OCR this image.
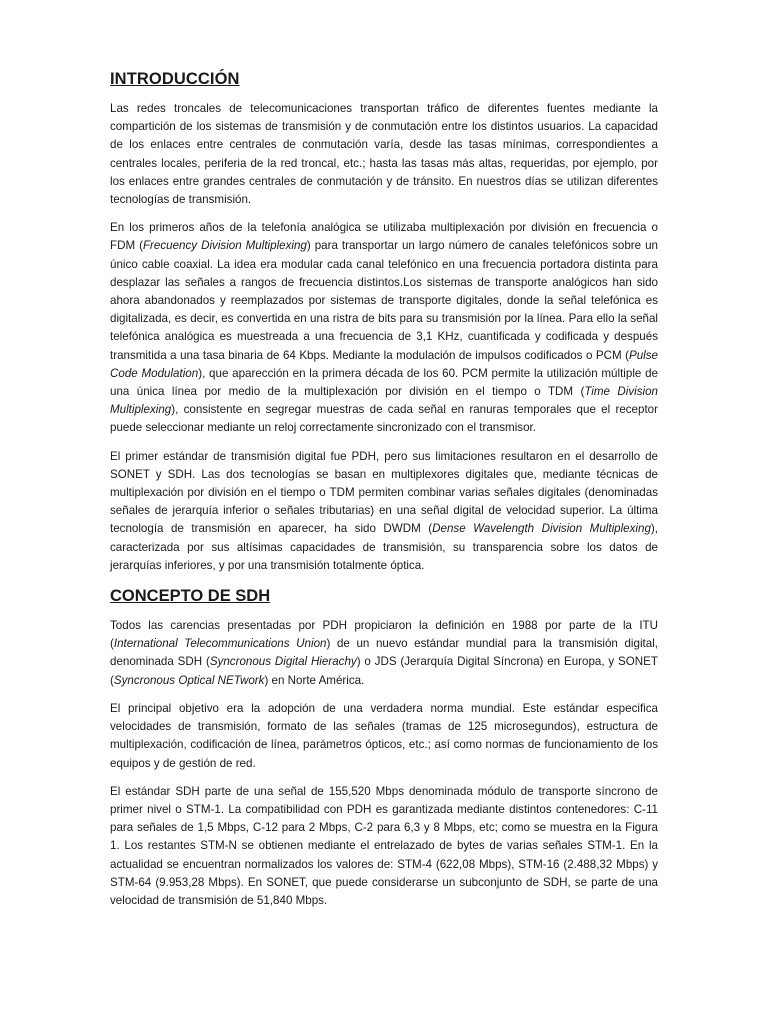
INTRODUCCIÓN

Las redes troncales de telecomunicaciones transportan tráfico de diferentes fuentes mediante la compartición de los sistemas de transmisión y de conmutación entre los distintos usuarios. La capacidad de los enlaces entre centrales de conmutación varía, desde las tasas mínimas, correspondientes a centrales locales, periferia de la red troncal, etc.; hasta las tasas más altas, requeridas, por ejemplo, por los enlaces entre grandes centrales de conmutación y de tránsito. En nuestros días se utilizan diferentes tecnologías de transmisión.

En los primeros años de la telefonía analógica se utilizaba multiplexación por división en frecuencia o FDM (Frecuency Division Multiplexing) para transportar un largo número de canales telefónicos sobre un único cable coaxial. La idea era modular cada canal telefónico en una frecuencia portadora distinta para desplazar las señales a rangos de frecuencia distintos.Los sistemas de transporte analógicos han sido ahora abandonados y reemplazados por sistemas de transporte digitales, donde la señal telefónica es digitalizada, es decir, es convertida en una ristra de bits para su transmisión por la línea. Para ello la señal telefónica analógica es muestreada a una frecuencia de 3,1 KHz, cuantificada y codificada y después transmitida a una tasa binaria de 64 Kbps. Mediante la modulación de impulsos codificados o PCM (Pulse Code Modulation), que aparección en la primera década de los 60. PCM permite la utilización múltiple de una única línea por medio de la multiplexación por división en el tiempo o TDM (Time Division Multiplexing), consistente en segregar muestras de cada señal en ranuras temporales que el receptor puede seleccionar mediante un reloj correctamente sincronizado con el transmisor.

El primer estándar de transmisión digital fue PDH, pero sus limitaciones resultaron en el desarrollo de SONET y SDH. Las dos tecnologías se basan en multiplexores digitales que, mediante técnicas de multiplexación por división en el tiempo o TDM permiten combinar varias señales digitales (denominadas señales de jerarquía inferior o señales tributarias) en una señal digital de velocidad superior. La última tecnología de transmisión en aparecer, ha sido DWDM (Dense Wavelength Division Multiplexing), caracterizada por sus altísimas capacidades de transmisión, su transparencia sobre los datos de jerarquías inferiores, y por una transmisión totalmente óptica.

CONCEPTO DE SDH

Todos las carencias presentadas por PDH propiciaron la definición en 1988 por parte de la ITU (International Telecommunications Union) de un nuevo estándar mundial para la transmisión digital, denominada SDH (Syncronous Digital Hierachy) o JDS (Jerarquía Digital Síncrona) en Europa, y SONET (Syncronous Optical NETwork) en Norte América.

El principal objetivo era la adopción de una verdadera norma mundial. Este estándar especifica velocidades de transmisión, formato de las señales (tramas de 125 microsegundos), estructura de multiplexación, codificación de línea, parámetros ópticos, etc.; así como normas de funcionamiento de los equipos y de gestión de red.

El estándar SDH parte de una señal de 155,520 Mbps denominada módulo de transporte síncrono de primer nivel o STM-1. La compatibilidad con PDH es garantizada mediante distintos contenedores: C-11 para señales de 1,5 Mbps, C-12 para 2 Mbps, C-2 para 6,3 y 8 Mbps, etc; como se muestra en la Figura 1. Los restantes STM-N se obtienen mediante el entrelazado de bytes de varias señales STM-1. En la actualidad se encuentran normalizados los valores de: STM-4 (622,08 Mbps), STM-16 (2.488,32 Mbps) y STM-64 (9.953,28 Mbps). En SONET, que puede considerarse un subconjunto de SDH, se parte de una velocidad de transmisión de 51,840 Mbps.
